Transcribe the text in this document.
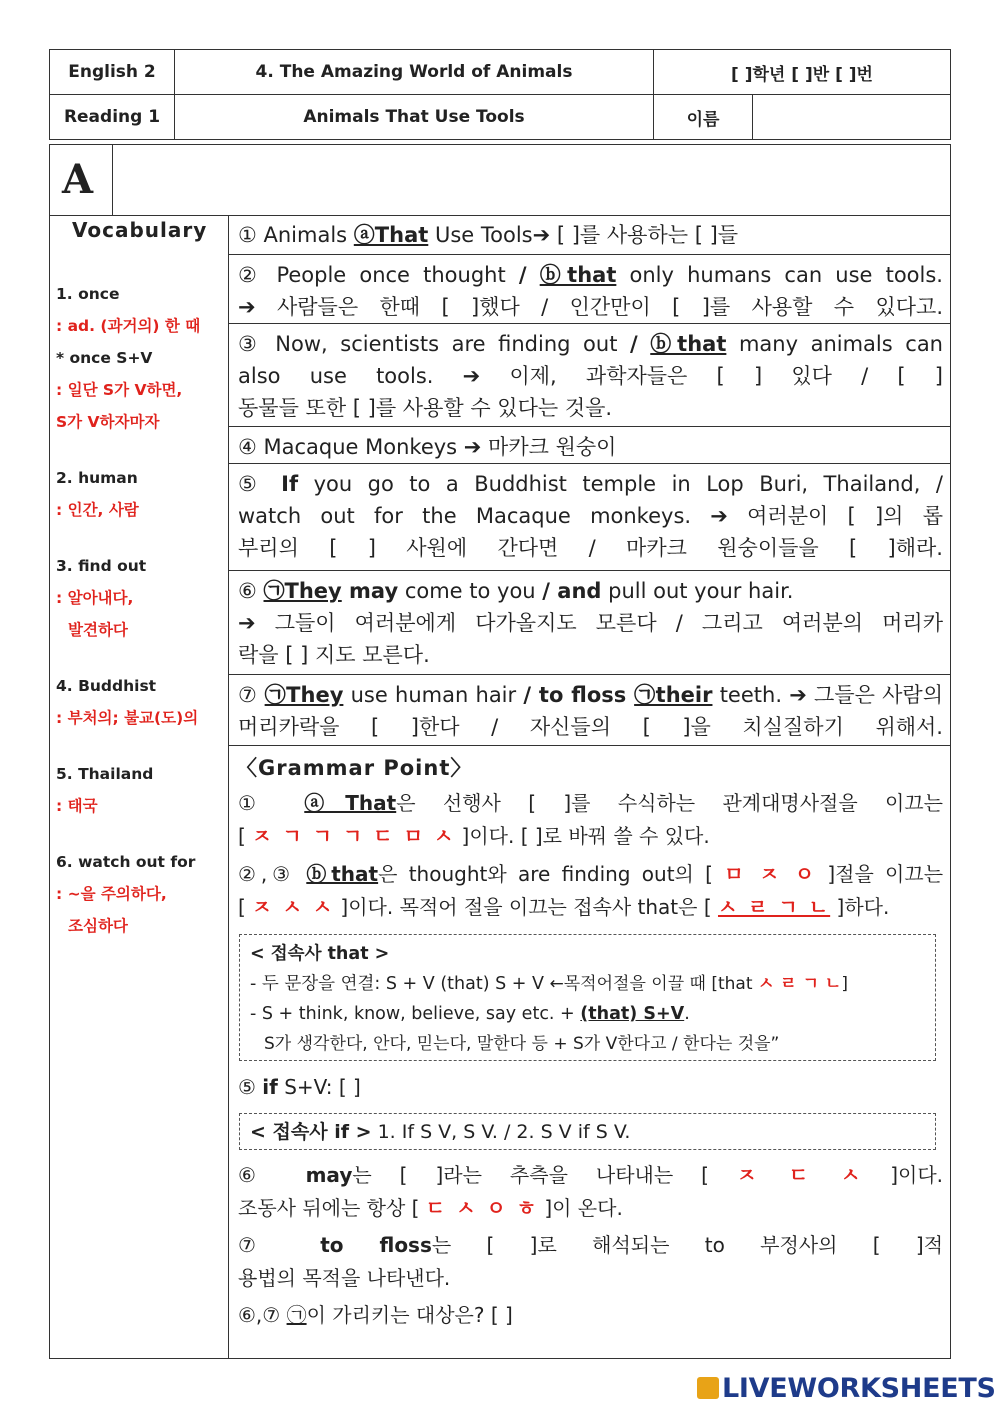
English 2	4. The Amazing World of Animals	[ ]학년 [ ]반 [ ]번	
Reading 1	Animals That Use Tools	이름	
A
Vocabulary
1. once
: ad. (과거의) 한 때
* once S+V
: 일단 S가 V하면,
S가 V하자마자
2. human
: 인간, 사람
3. find out
: 알아내다,
발견하다
4. Buddhist
: 부처의; 불교(도)의
5. Thailand
: 태국
6. watch out for
: ~을 주의하다,
조심하다
① Animals ⓐThat Use Tools➔ [ ]를 사용하는 [ ]들
② People once thought / ⓑthat only humans can use tools.
➔ 사람들은 한때 [ ]했다 / 인간만이 [ ]를 사용할 수 있다고.
③ Now, scientists are finding out / ⓑthat many animals can
also use tools. ➔ 이제, 과학자들은 [ ] 있다 / [ ]
동물들 또한 [ ]를 사용할 수 있다는 것을.
④ Macaque Monkeys ➔ 마카크 원숭이
⑤ If you go to a Buddhist temple in Lop Buri, Thailand, /
watch out for the Macaque monkeys. ➔ 여러분이 [ ]의 롭
부리의 [ ] 사원에 간다면 / 마카크 원숭이들을 [ ]해라.
⑥ ㉠They may come to you / and pull out your hair.
➔ 그들이 여러분에게 다가올지도 모른다 / 그리고 여러분의 머리카
락을 [ ] 지도 모른다.
⑦ ㉠They use human hair / to floss ㉠their teeth. ➔ 그들은 사람의
머리카락을 [ ]한다 / 자신들의 [ ]을 치실질하기 위해서.
〈Grammar Point〉
① ⓐThat은 선행사 [ ]를 수식하는 관계대명사절을 이끄는
[ ㅈ ㄱ ㄱ ㄱ ㄷ ㅁ ㅅ ]이다. [ ]로 바꿔 쓸 수 있다.
②,③ ⓑthat은 thought와 are finding out의 [ ㅁ ㅈ ㅇ ]절을 이끄는
[ ㅈ ㅅ ㅅ ]이다. 목적어 절을 이끄는 접속사 that은 [ ㅅ ㄹ ㄱ ㄴ ]하다.
< 접속사 that >
- 두 문장을 연결: S + V (that) S + V ←목적어절을 이끌 때 [that ㅅ ㄹ ㄱ ㄴ]
- S + think, know, believe, say etc. + (that) S+V.
S가 생각한다, 안다, 믿는다, 말한다 등 + S가 V한다고 / 한다는 것을”
⑤ if S+V: [ ]
< 접속사 if > 1. If S V, S V. / 2. S V if S V.
⑥ may는 [ ]라는 추측을 나타내는 [ ㅈ ㄷ ㅅ ]이다.
조동사 뒤에는 항상 [ ㄷ ㅅ ㅇ ㅎ ]이 온다.
⑦ to floss는 [ ]로 해석되는 to 부정사의 [ ]적
용법의 목적을 나타낸다.
⑥,⑦ ㉠이 가리키는 대상은? [ ]
LIVEWORKSHEETS
